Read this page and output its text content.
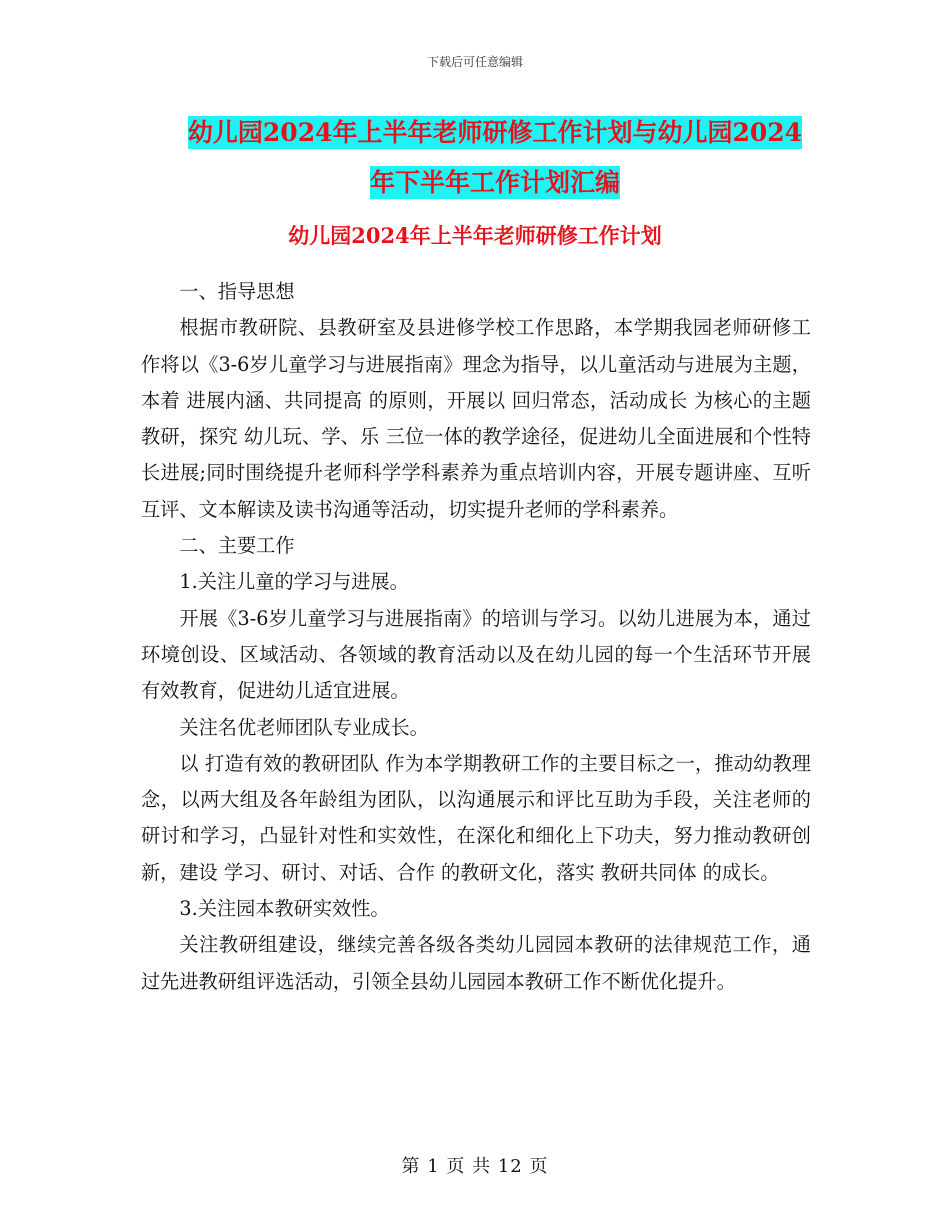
下载后可任意编辑
幼儿园2024年上半年老师研修工作计划与幼儿园2024
年下半年工作计划汇编
幼儿园2024年上半年老师研修工作计划

一、指导思想

根据市教研院、县教研室及县进修学校工作思路，本学期我园老师研修工作将以《3-6岁儿童学习与进展指南》理念为指导，以儿童活动与进展为主题，本着 进展内涵、共同提高 的原则，开展以 回归常态，活动成长 为核心的主题教研，探究 幼儿玩、学、乐 三位一体的教学途径，促进幼儿全面进展和个性特长进展;同时围绕提升老师科学学科素养为重点培训内容，开展专题讲座、互听互评、文本解读及读书沟通等活动，切实提升老师的学科素养。

二、主要工作

1.关注儿童的学习与进展。

开展《3-6岁儿童学习与进展指南》的培训与学习。以幼儿进展为本，通过环境创设、区域活动、各领域的教育活动以及在幼儿园的每一个生活环节开展有效教育，促进幼儿适宜进展。

关注名优老师团队专业成长。

以 打造有效的教研团队 作为本学期教研工作的主要目标之一，推动幼教理念，以两大组及各年龄组为团队，以沟通展示和评比互助为手段，关注老师的研讨和学习，凸显针对性和实效性，在深化和细化上下功夫，努力推动教研创新，建设 学习、研讨、对话、合作 的教研文化，落实 教研共同体 的成长。

3.关注园本教研实效性。

关注教研组建设，继续完善各级各类幼儿园园本教研的法律规范工作，通过先进教研组评选活动，引领全县幼儿园园本教研工作不断优化提升。

第 1 页 共 12 页
